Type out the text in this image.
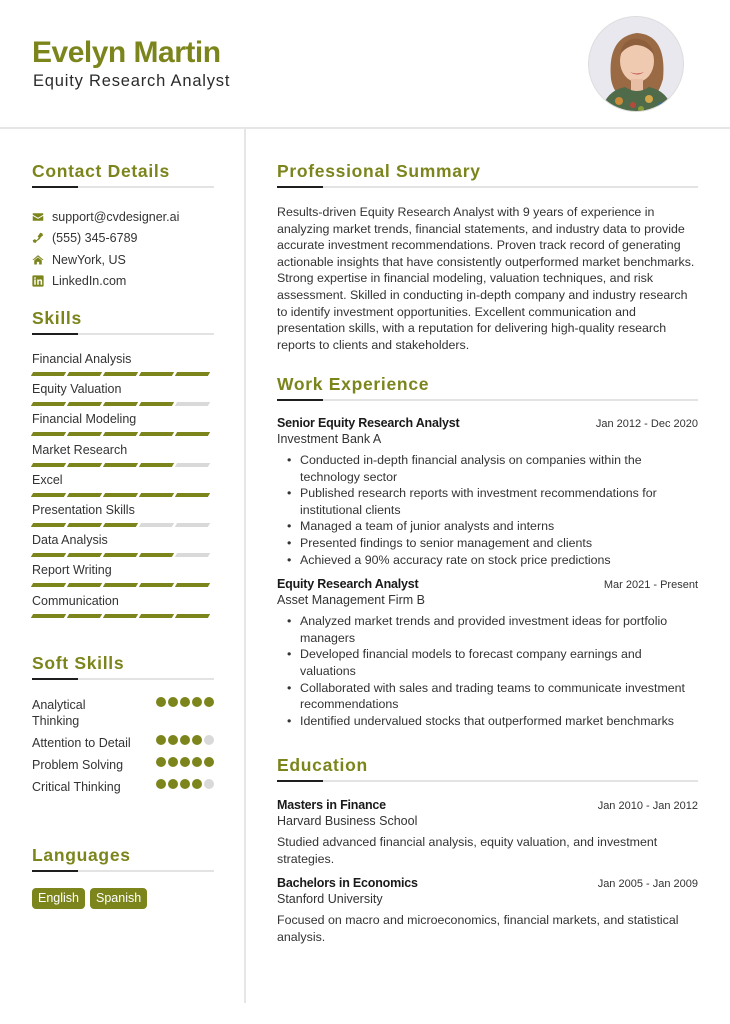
Evelyn Martin
Equity Research Analyst
Contact Details
support@cvdesigner.ai
(555) 345-6789
NewYork, US
LinkedIn.com
Skills
Financial Analysis
Equity Valuation
Financial Modeling
Market Research
Excel
Presentation Skills
Data Analysis
Report Writing
Communication
Soft Skills
Analytical Thinking
Attention to Detail
Problem Solving
Critical Thinking
Languages
English	Spanish
Professional Summary

Results-driven Equity Research Analyst with 9 years of experience in analyzing market trends, financial statements, and industry data to provide accurate investment recommendations. Proven track record of generating actionable insights that have consistently outperformed market benchmarks. Strong expertise in financial modeling, valuation techniques, and risk assessment. Skilled in conducting in-depth company and industry research to identify investment opportunities. Excellent communication and presentation skills, with a reputation for delivering high-quality research reports to clients and stakeholders.

Work Experience
Senior Equity Research Analyst	Jan 2012 - Dec 2020
Investment Bank A
• Conducted in-depth financial analysis on companies within the technology sector
• Published research reports with investment recommendations for institutional clients
• Managed a team of junior analysts and interns
• Presented findings to senior management and clients
• Achieved a 90% accuracy rate on stock price predictions
Equity Research Analyst	Mar 2021 - Present
Asset Management Firm B
• Analyzed market trends and provided investment ideas for portfolio managers
• Developed financial models to forecast company earnings and valuations
• Collaborated with sales and trading teams to communicate investment recommendations
• Identified undervalued stocks that outperformed market benchmarks
Education
Masters in Finance	Jan 2010 - Jan 2012
Harvard Business School

Studied advanced financial analysis, equity valuation, and investment strategies.

Bachelors in Economics	Jan 2005 - Jan 2009
Stanford University

Focused on macro and microeconomics, financial markets, and statistical analysis.
